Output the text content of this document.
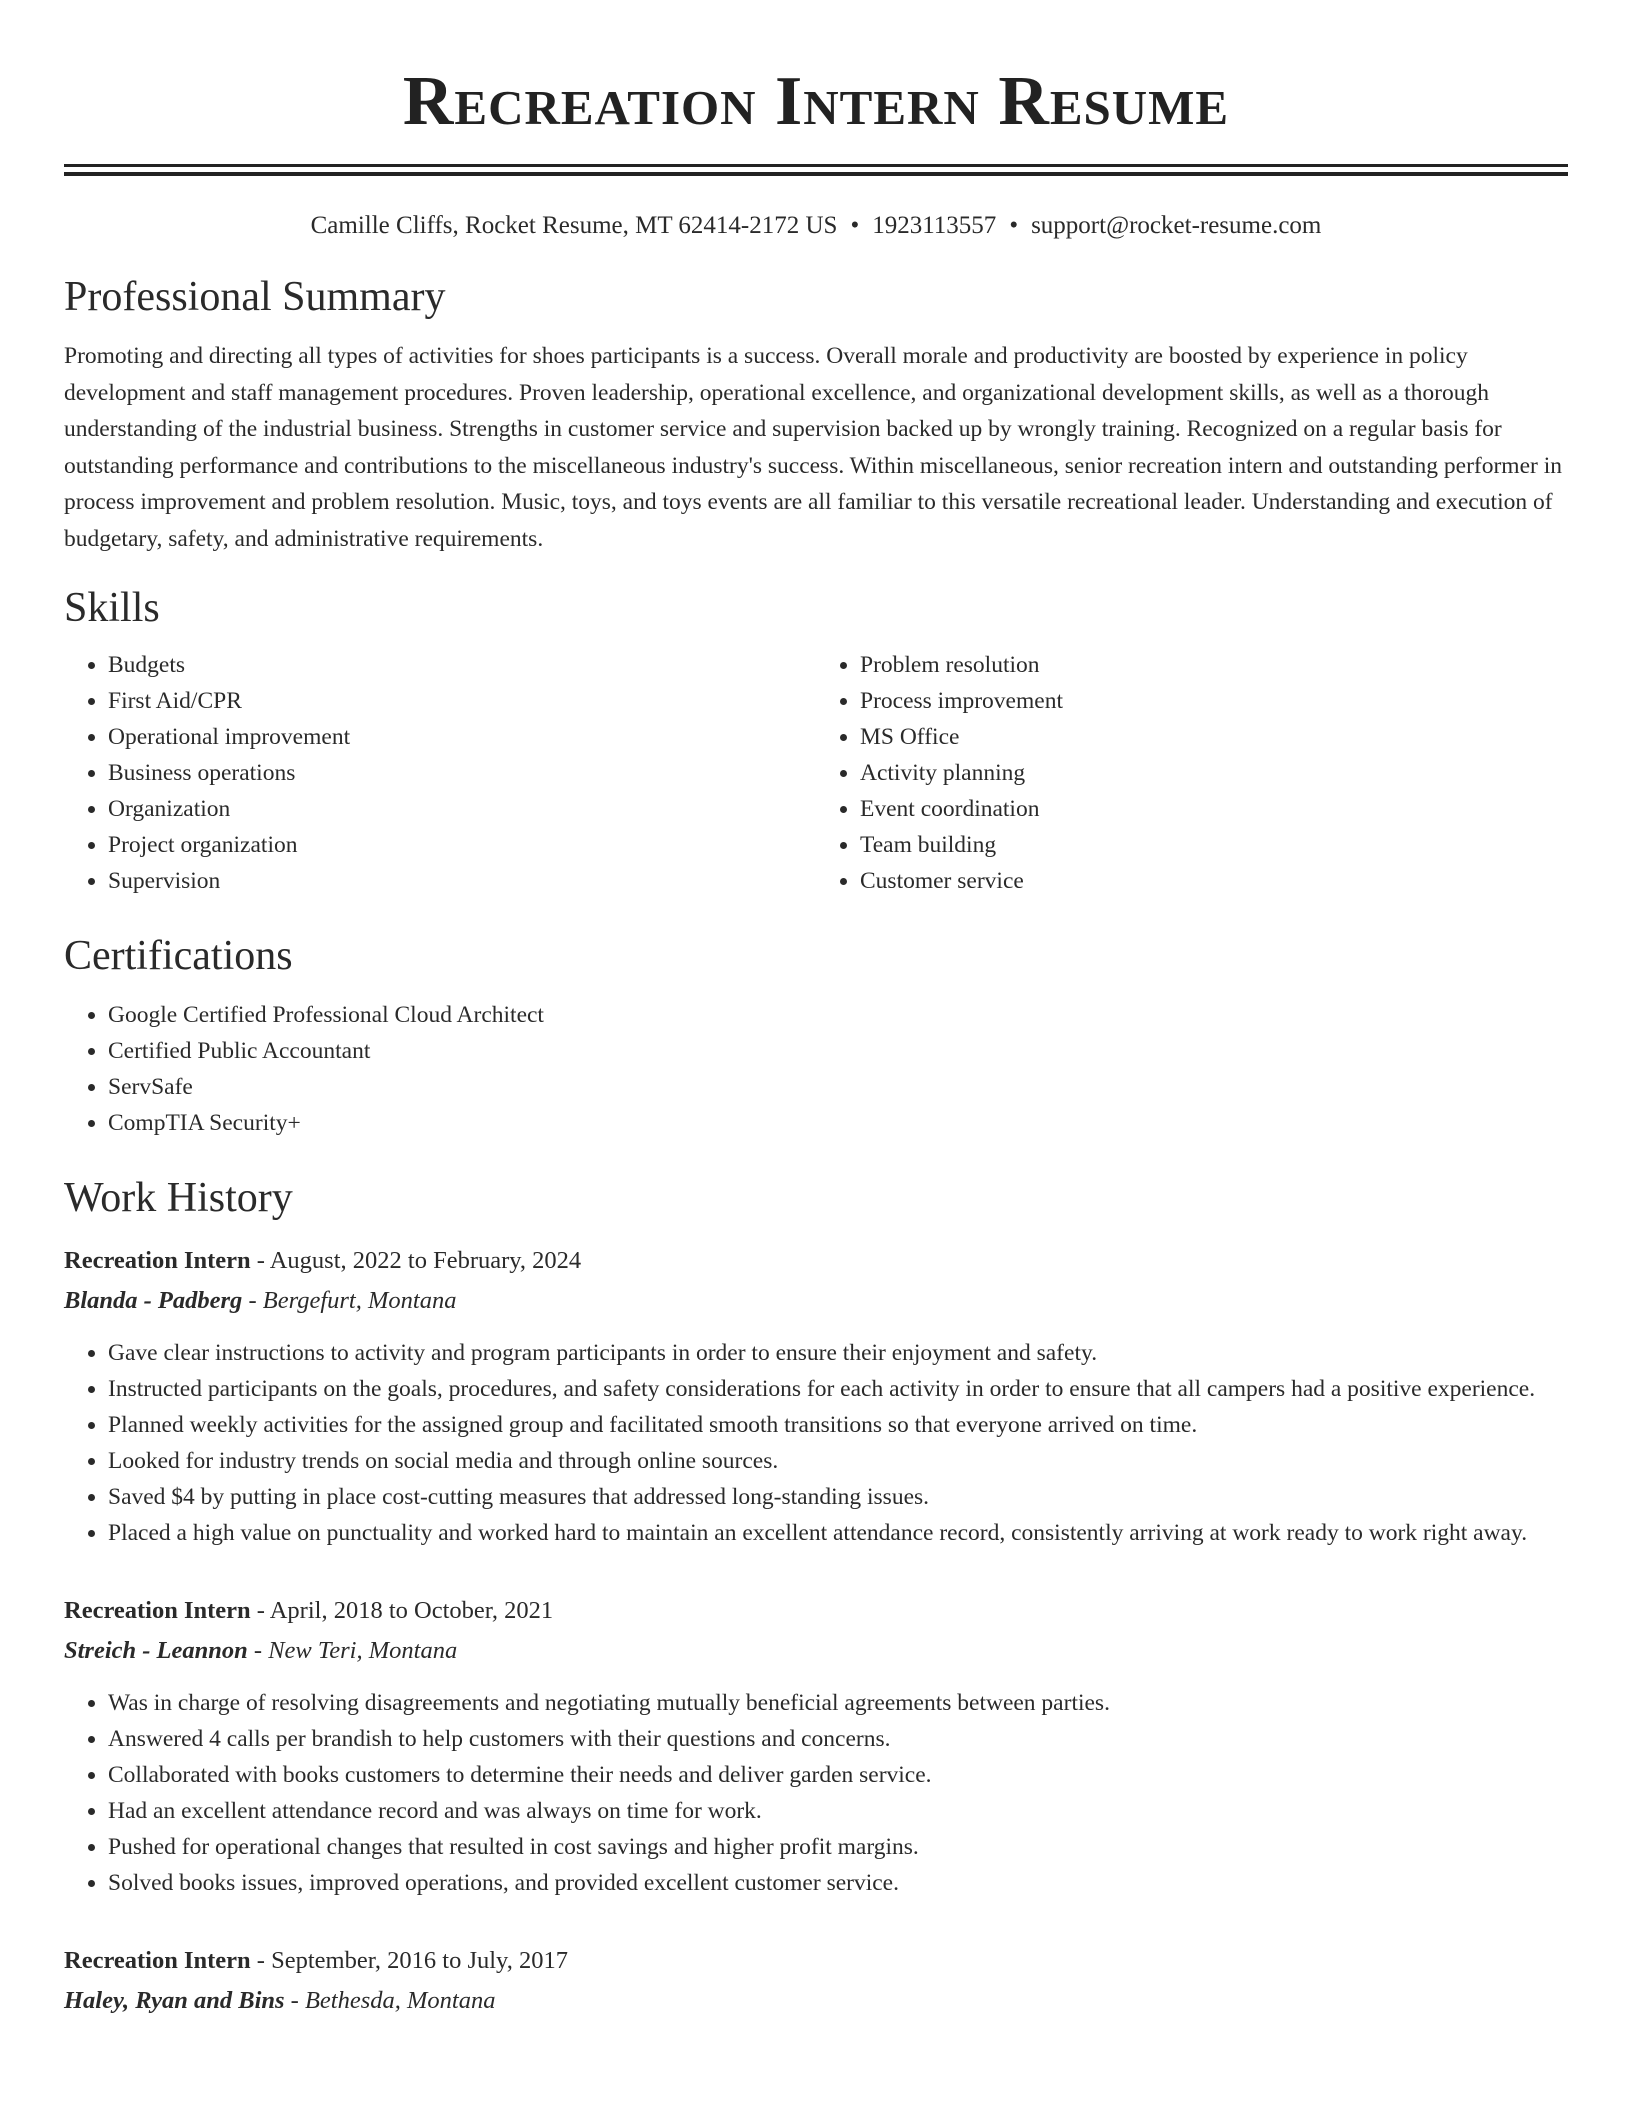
Recreation Intern Resume
Camille Cliffs, Rocket Resume, MT 62414-2172 US • 1923113557 • support@rocket-resume.com
Professional Summary
Promoting and directing all types of activities for shoes participants is a success. Overall morale and productivity are boosted by experience in policy development and staff management procedures. Proven leadership, operational excellence, and organizational development skills, as well as a thorough understanding of the industrial business. Strengths in customer service and supervision backed up by wrongly training. Recognized on a regular basis for outstanding performance and contributions to the miscellaneous industry's success. Within miscellaneous, senior recreation intern and outstanding performer in process improvement and problem resolution. Music, toys, and toys events are all familiar to this versatile recreational leader. Understanding and execution of budgetary, safety, and administrative requirements.
Skills
• Budgets
• First Aid/CPR
• Operational improvement
• Business operations
• Organization
• Project organization
• Supervision
• Problem resolution
• Process improvement
• MS Office
• Activity planning
• Event coordination
• Team building
• Customer service
Certifications
• Google Certified Professional Cloud Architect
• Certified Public Accountant
• ServSafe
• CompTIA Security+
Work History
Recreation Intern - August, 2022 to February, 2024
Blanda - Padberg - Bergefurt, Montana
• Gave clear instructions to activity and program participants in order to ensure their enjoyment and safety.
• Instructed participants on the goals, procedures, and safety considerations for each activity in order to ensure that all campers had a positive experience.
• Planned weekly activities for the assigned group and facilitated smooth transitions so that everyone arrived on time.
• Looked for industry trends on social media and through online sources.
• Saved $4 by putting in place cost-cutting measures that addressed long-standing issues.
• Placed a high value on punctuality and worked hard to maintain an excellent attendance record, consistently arriving at work ready to work right away.
Recreation Intern - April, 2018 to October, 2021
Streich - Leannon - New Teri, Montana
• Was in charge of resolving disagreements and negotiating mutually beneficial agreements between parties.
• Answered 4 calls per brandish to help customers with their questions and concerns.
• Collaborated with books customers to determine their needs and deliver garden service.
• Had an excellent attendance record and was always on time for work.
• Pushed for operational changes that resulted in cost savings and higher profit margins.
• Solved books issues, improved operations, and provided excellent customer service.
Recreation Intern - September, 2016 to July, 2017
Haley, Ryan and Bins - Bethesda, Montana
